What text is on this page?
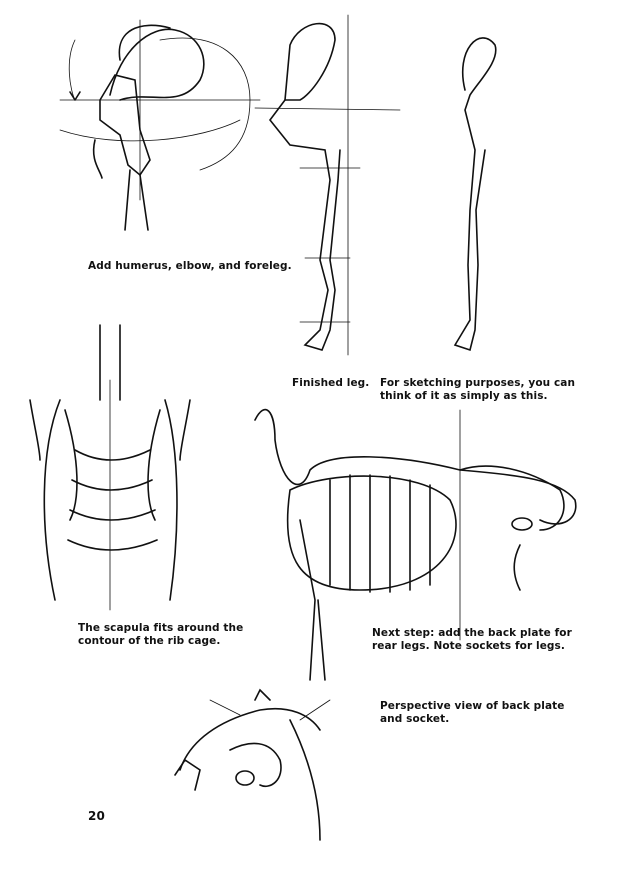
Add humerus, elbow, and foreleg.
Finished leg. For sketching purposes, you can think of it as simply as this.
The scapula fits around the contour of the rib cage.
Next step: add the back plate for rear legs. Note sockets for legs.
Perspective view of back plate and socket.
20
